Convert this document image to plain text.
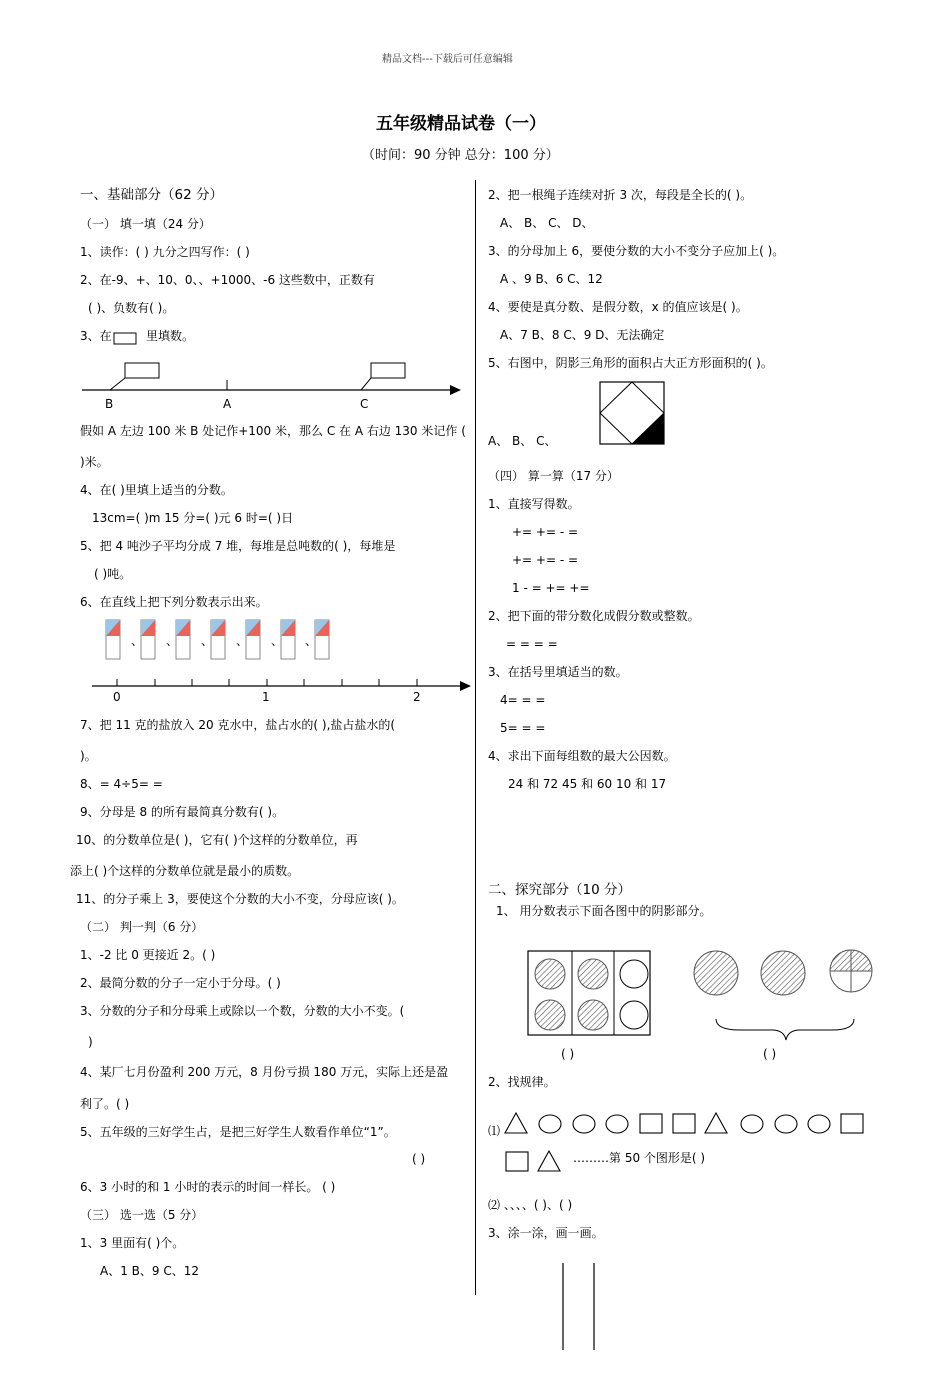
精品文档---下载后可任意编辑
五年级精品试卷（一）
（时间：90 分钟 总分：100 分）
一、基础部分（62 分）
（一） 填一填（24 分）
1、读作：( ) 九分之四写作：( )
2、在-9、+、10、0、、+1000、-6 这些数中，正数有
( )、负数有( )。
3、在	里填数。
B	A	C
假如 A 左边 100 米 B 处记作+100 米，那么 C 在 A 右边 130 米记作 (
)米。
4、在( )里填上适当的分数。
13cm=( )m 15 分=( )元 6 时=( )日
5、把 4 吨沙子平均分成 7 堆，每堆是总吨数的( )，每堆是
( )吨。
6、在直线上把下列分数表示出来。
0	1	2
7、把 11 克的盐放入 20 克水中，盐占水的( ),盐占盐水的(
)。
8、= 4÷5= =
9、分母是 8 的所有最简真分数有( )。
10、的分数单位是( )，它有( )个这样的分数单位，再
添上( )个这样的分数单位就是最小的质数。
11、的分子乘上 3，要使这个分数的大小不变，分母应该( )。
（二） 判一判（6 分）
1、-2 比 0 更接近 2。( )
2、最简分数的分子一定小于分母。( )
3、分数的分子和分母乘上或除以一个数，分数的大小不变。(
)
4、某厂七月份盈利 200 万元，8 月份亏损 180 万元，实际上还是盈
利了。( )
5、五年级的三好学生占，是把三好学生人数看作单位“1”。
( )
6、3 小时的和 1 小时的表示的时间一样长。 ( )
（三） 选一选（5 分）
1、3 里面有( )个。
A、1 B、9 C、12
2、把一根绳子连续对折 3 次，每段是全长的( )。
A、 B、 C、 D、
3、的分母加上 6，要使分数的大小不变分子应加上( )。
A 、9 B、6 C、12
4、要使是真分数、是假分数，x 的值应该是( )。
A、7 B、8 C、9 D、无法确定
5、右图中，阴影三角形的面积占大正方形面积的( )。
A、 B、 C、
（四） 算一算（17 分）
1、直接写得数。
+= += - =
+= += - =
1 - = += +=
2、把下面的带分数化成假分数或整数。
= = = =
3、在括号里填适当的数。
4= = =
5= = =
4、求出下面每组数的最大公因数。
24 和 72 45 和 60 10 和 17
二、探究部分（10 分）
1、 用分数表示下面各图中的阴影部分。
( )	( )
2、找规律。
⑴
………第 50 个图形是( )
⑵ 、、、、( )、( )
3、涂一涂，画一画。
、 、 、 、 、 、
